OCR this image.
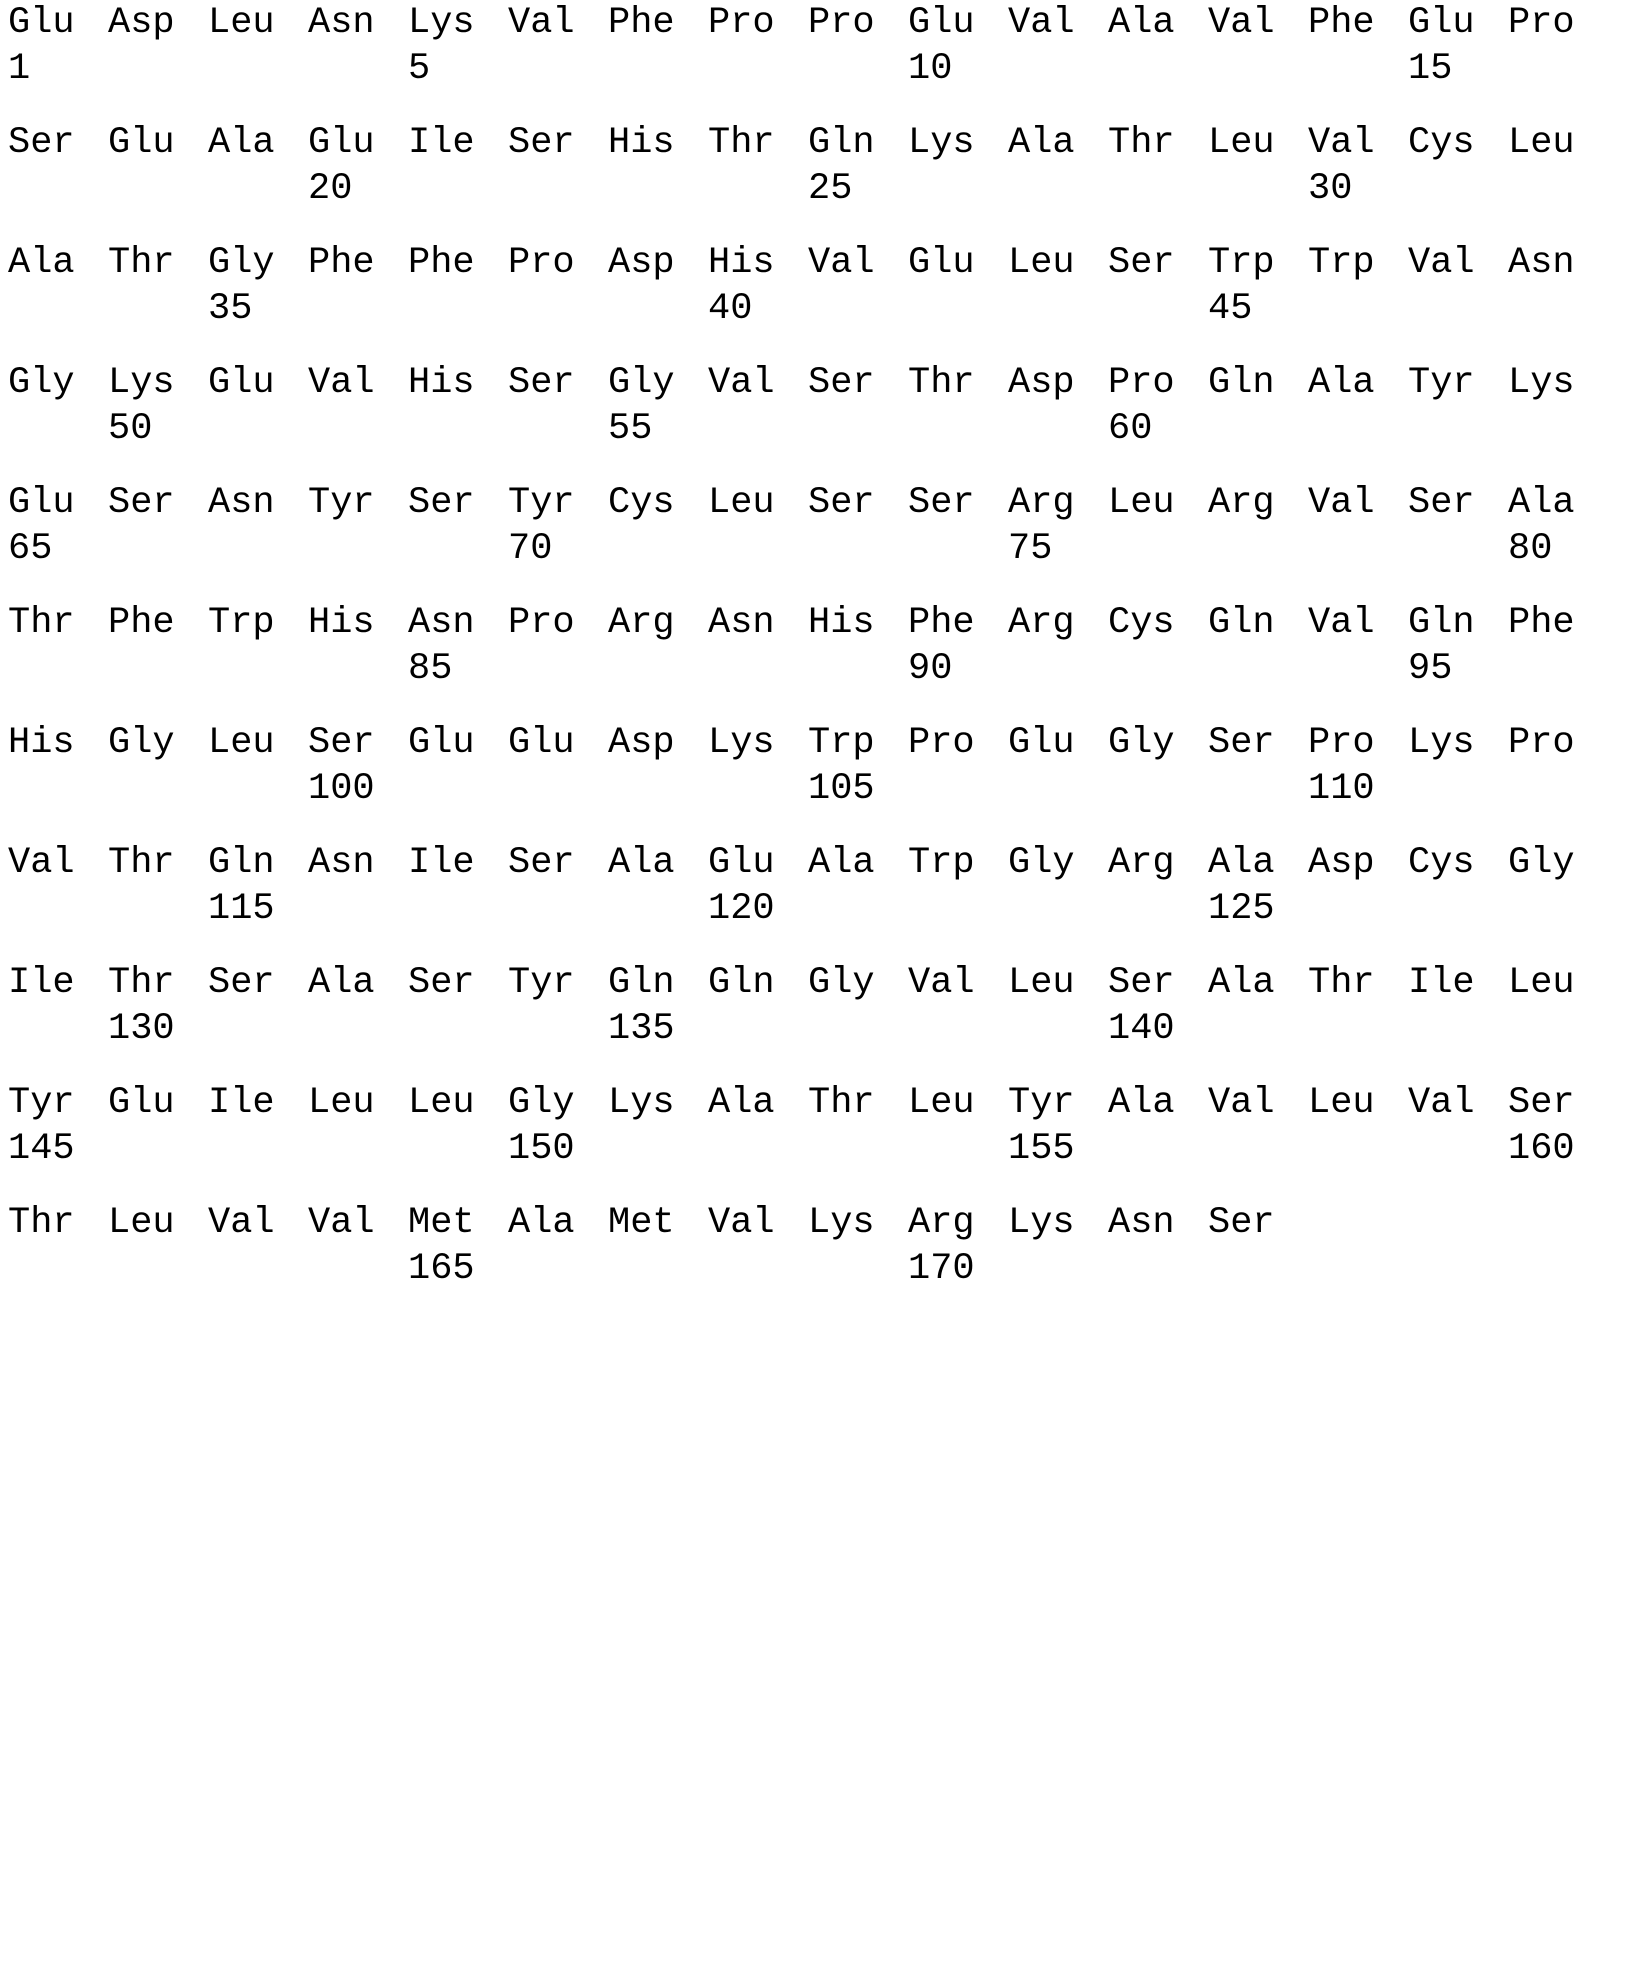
Glu
1
Asp Leu Asn Lys
5
Val Phe Pro Pro Glu
10
Val Ala Val Phe Glu
15
Pro
Ser Glu Ala Glu
20
Ile Ser His Thr Gln
25
Lys Ala Thr Leu Val
30
Cys Leu
Ala Thr Gly
35
Phe Phe Pro Asp His
40
Val Glu Leu Ser Trp
45
Trp Val Asn
Gly Lys
50
Glu Val His Ser Gly
55
Val Ser Thr Asp Pro
60
Gln Ala Tyr Lys
Glu
65
Ser Asn Tyr Ser Tyr
70
Cys Leu Ser Ser Arg
75
Leu Arg Val Ser Ala
80
Thr Phe Trp His Asn
85
Pro Arg Asn His Phe
90
Arg Cys Gln Val Gln
95
Phe
His Gly Leu Ser
100
Glu Glu Asp Lys Trp
105
Pro Glu Gly Ser Pro
110
Lys Pro
Val Thr Gln
115
Asn Ile Ser Ala Glu
120
Ala Trp Gly Arg Ala
125
Asp Cys Gly
Ile Thr
130
Ser Ala Ser Tyr Gln
135
Gln Gly Val Leu Ser
140
Ala Thr Ile Leu
Tyr
145
Glu Ile Leu Leu Gly
150
Lys Ala Thr Leu Tyr
155
Ala Val Leu Val Ser
160
Thr Leu Val Val Met
165
Ala Met Val Lys Arg
170
Lys Asn Ser
